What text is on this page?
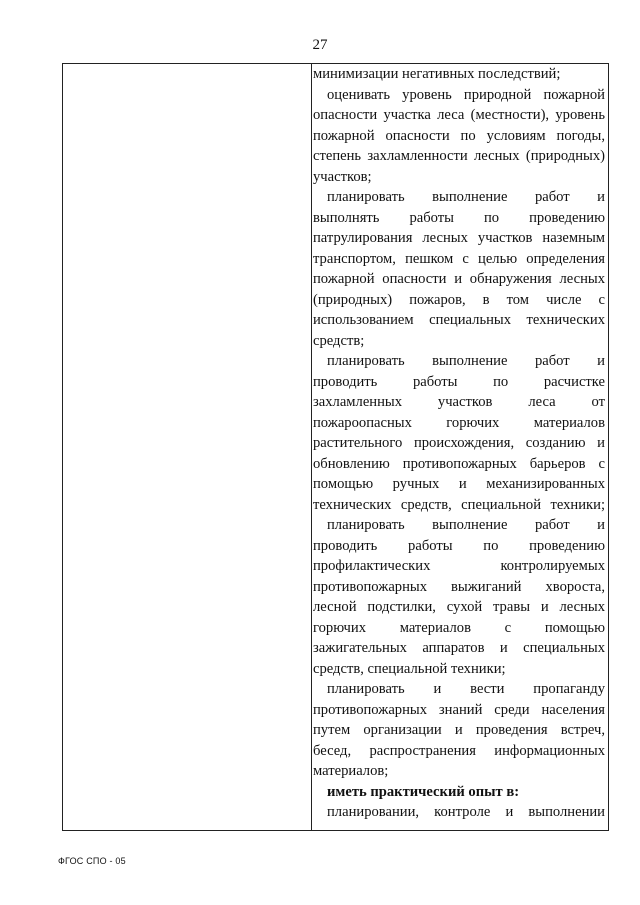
27
минимизации негативных последствий;
оценивать уровень природной пожарной
опасности участка леса (местности), уровень
пожарной опасности по условиям погоды,
степень захламленности лесных (природных)
участков;
планировать выполнение работ и
выполнять работы по проведению
патрулирования лесных участков наземным
транспортом, пешком с целью определения
пожарной опасности и обнаружения лесных
(природных) пожаров, в том числе с
использованием специальных технических
средств;
планировать выполнение работ и
проводить работы по расчистке
захламленных участков леса от
пожароопасных горючих материалов
растительного происхождения, созданию и
обновлению противопожарных барьеров с
помощью ручных и механизированных
технических средств, специальной техники;
планировать выполнение работ и
проводить работы по проведению
профилактических контролируемых
противопожарных выжиганий хвороста,
лесной подстилки, сухой травы и лесных
горючих материалов с помощью
зажигательных аппаратов и специальных
средств, специальной техники;
планировать и вести пропаганду
противопожарных знаний среди населения
путем организации и проведения встреч,
бесед, распространения информационных
материалов;
иметь практический опыт в:
планировании, контроле и выполнении
ФГОС СПО - 05
